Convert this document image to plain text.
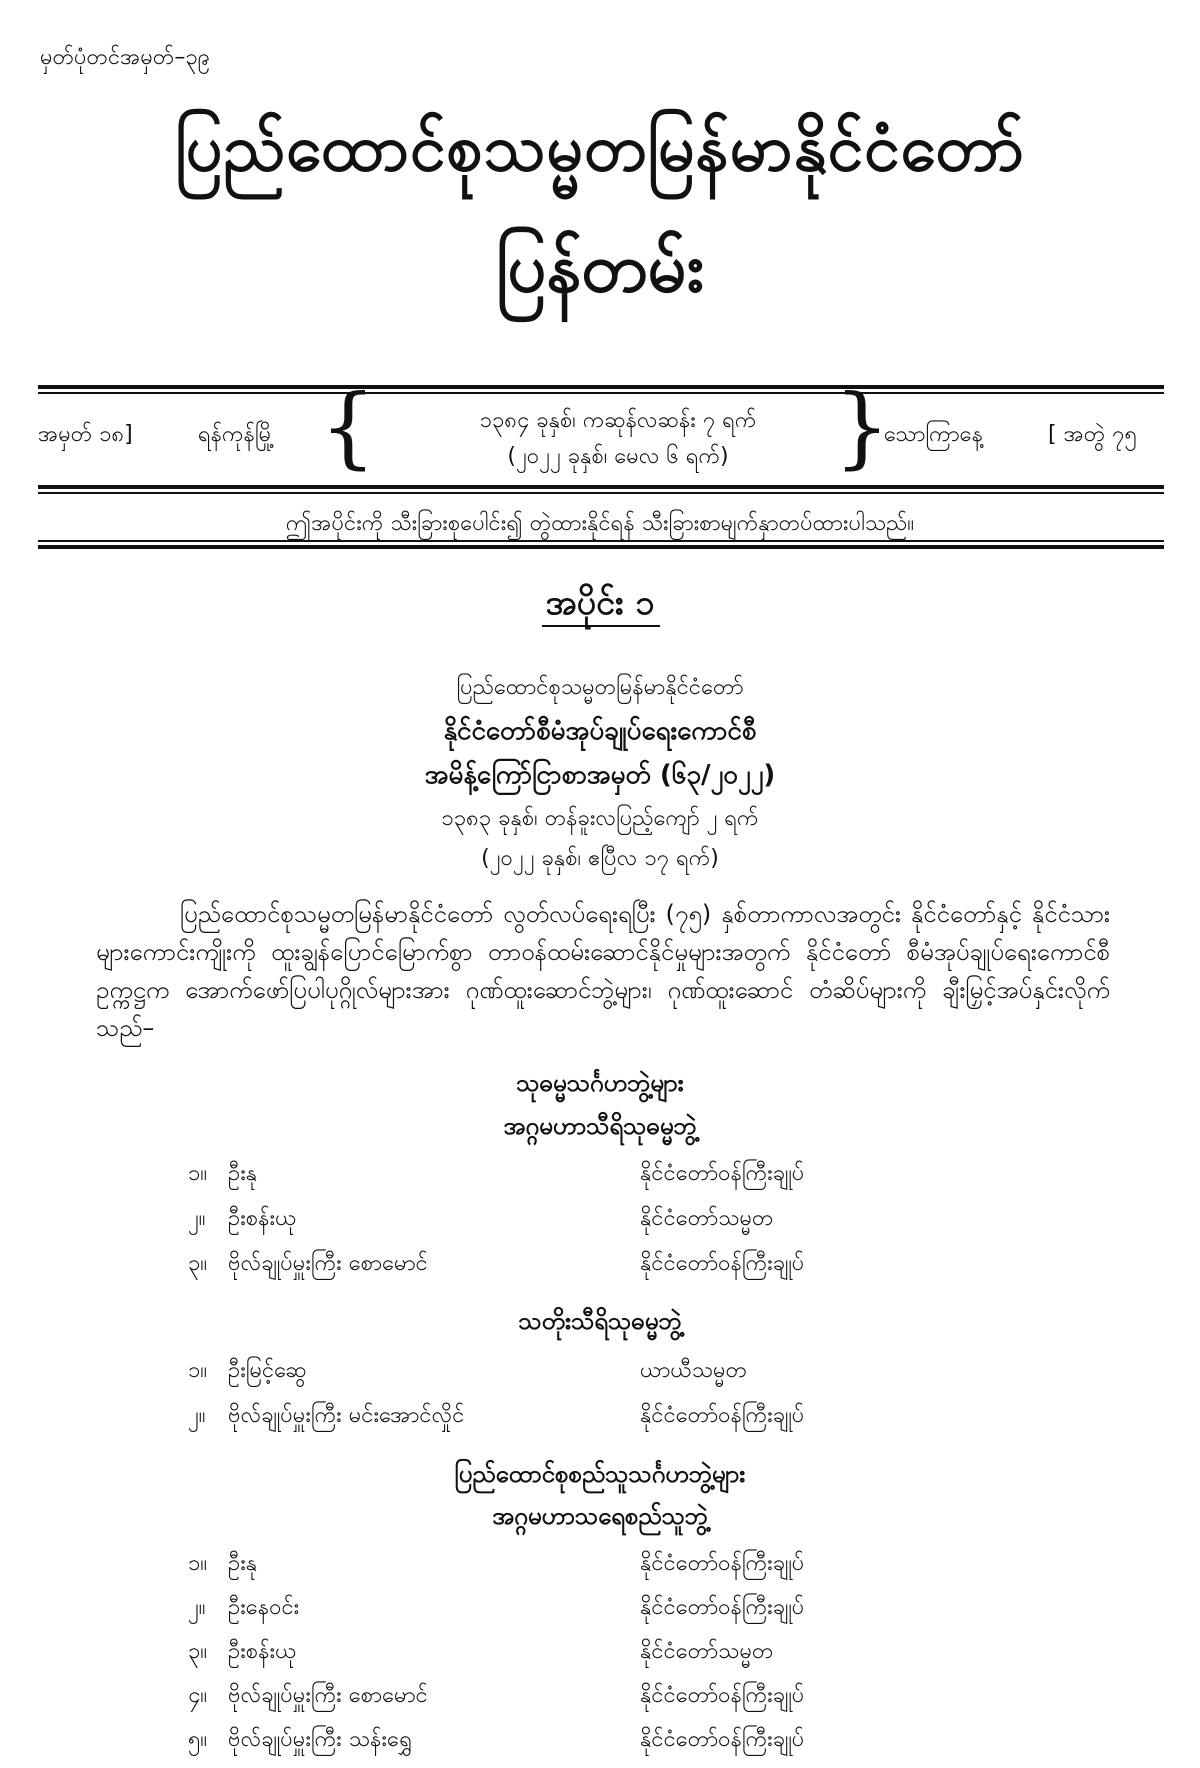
မှတ်ပုံတင်အမှတ်–၃၉
ပြည်ထောင်စုသမ္မတမြန်မာနိုင်ငံတော်
ပြန်တမ်း
အမှတ် ၁၈]	ရန်ကုန်မြို့ {	၁၃၈၄ ခုနှစ်၊ ကဆုန်လဆန်း ၇ ရက်
(၂၀၂၂ ခုနှစ်၊ မေလ ၆ ရက်)	}
သောကြာနေ့	[ အတွဲ ၇၅
ဤအပိုင်းကို သီးခြားစုပေါင်း၍ တွဲထားနိုင်ရန် သီးခြားစာမျက်နှာတပ်ထားပါသည်။
အပိုင်း ၁
ပြည်ထောင်စုသမ္မတမြန်မာနိုင်ငံတော်
နိုင်ငံတော်စီမံအုပ်ချုပ်ရေးကောင်စီ
အမိန့်ကြော်ငြာစာအမှတ် (၆၃/၂၀၂၂)
၁၃၈၃ ခုနှစ်၊ တန်ခူးလပြည့်ကျော် ၂ ရက်
(၂၀၂၂ ခုနှစ်၊ ဧပြီလ ၁၇ ရက်)
ပြည်ထောင်စုသမ္မတမြန်မာနိုင်ငံတော် လွတ်လပ်ရေးရပြီး (၇၅) နှစ်တာကာလအတွင်း နိုင်ငံတော်နှင့် နိုင်ငံသားများကောင်းကျိုးကို ထူးချွန်ပြောင်မြောက်စွာ တာဝန်ထမ်းဆောင်နိုင်မှုများအတွက် နိုင်ငံတော် စီမံအုပ်ချုပ်ရေးကောင်စီ ဥက္ကဋ္ဌက အောက်ဖော်ပြပါပုဂ္ဂိုလ်များအား ဂုဏ်ထူးဆောင်ဘွဲ့များ၊ ဂုဏ်ထူးဆောင် တံဆိပ်များကို ချီးမြှင့်အပ်နှင်းလိုက်သည်–
သုဓမ္မသင်္ဂဟဘွဲ့များ
အဂ္ဂမဟာသီရိသုဓမ္မဘွဲ့
၁။ ဦးနု	နိုင်ငံတော်ဝန်ကြီးချုပ်
၂။ ဦးစန်းယု	နိုင်ငံတော်သမ္မတ
၃။ ဗိုလ်ချုပ်မှူးကြီး စောမောင်	နိုင်ငံတော်ဝန်ကြီးချုပ်
သတိုးသီရိသုဓမ္မဘွဲ့
၁။ ဦးမြင့်ဆွေ	ယာယီသမ္မတ
၂။ ဗိုလ်ချုပ်မှူးကြီး မင်းအောင်လှိုင်	နိုင်ငံတော်ဝန်ကြီးချုပ်
ပြည်ထောင်စုစည်သူသင်္ဂဟဘွဲ့များ
အဂ္ဂမဟာသရေစည်သူဘွဲ့
၁။ ဦးနု	နိုင်ငံတော်ဝန်ကြီးချုပ်
၂။ ဦးနေဝင်း	နိုင်ငံတော်ဝန်ကြီးချုပ်
၃။ ဦးစန်းယု	နိုင်ငံတော်သမ္မတ
၄။ ဗိုလ်ချုပ်မှူးကြီး စောမောင်	နိုင်ငံတော်ဝန်ကြီးချုပ်
၅။ ဗိုလ်ချုပ်မှူးကြီး သန်းရွှေ	နိုင်ငံတော်ဝန်ကြီးချုပ်
